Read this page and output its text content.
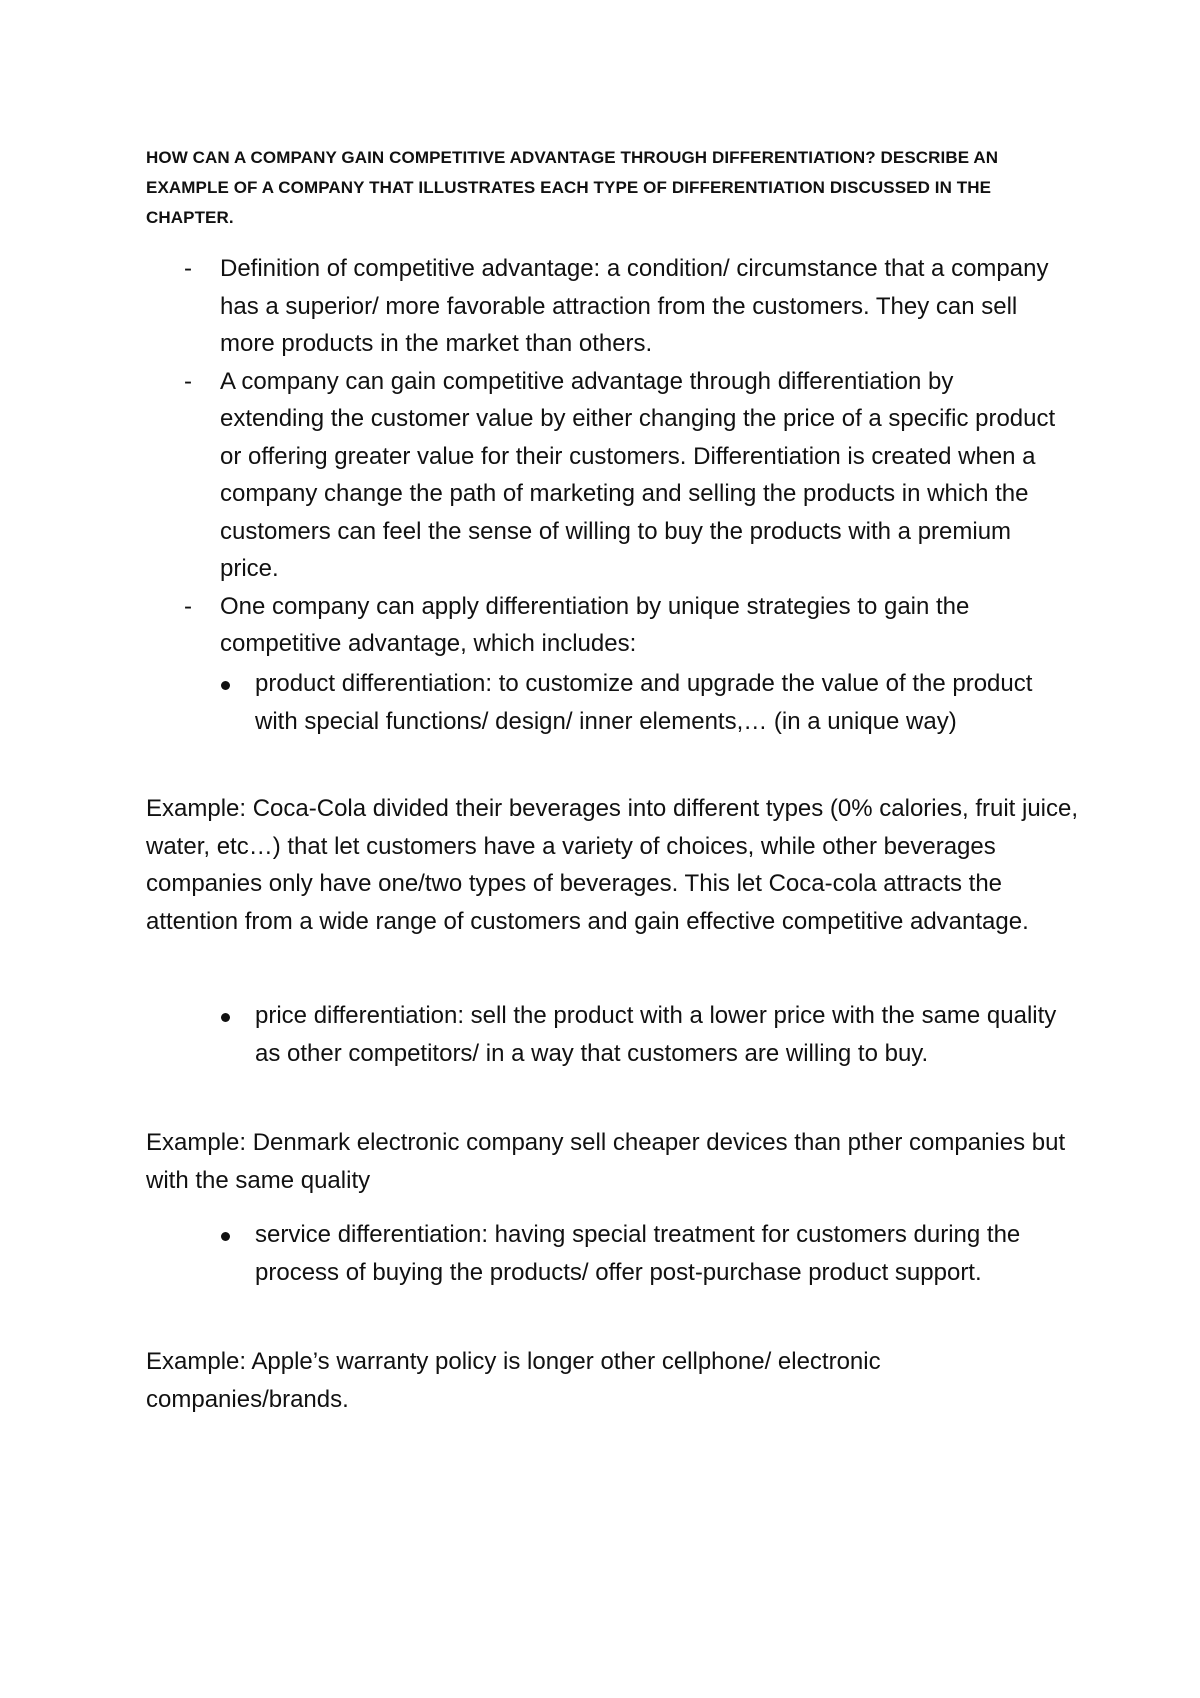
HOW CAN A COMPANY GAIN COMPETITIVE ADVANTAGE THROUGH DIFFERENTIATION? DESCRIBE AN EXAMPLE OF A COMPANY THAT ILLUSTRATES EACH TYPE OF DIFFERENTIATION DISCUSSED IN THE CHAPTER.
- Definition of competitive advantage: a condition/ circumstance that a company has a superior/ more favorable attraction from the customers. They can sell more products in the market than others.
- A company can gain competitive advantage through differentiation by extending the customer value by either changing the price of a specific product or offering greater value for their customers. Differentiation is created when a company change the path of marketing and selling the products in which the customers can feel the sense of willing to buy the products with a premium price.
- One company can apply differentiation by unique strategies to gain the competitive advantage, which includes:
product differentiation: to customize and upgrade the value of the product with special functions/ design/ inner elements,… (in a unique way)

Example: Coca-Cola divided their beverages into different types (0% calories, fruit juice, water, etc…) that let customers have a variety of choices, while other beverages companies only have one/two types of beverages. This let Coca-cola attracts the attention from a wide range of customers and gain effective competitive advantage.

price differentiation: sell the product with a lower price with the same quality as other competitors/ in a way that customers are willing to buy.

Example: Denmark electronic company sell cheaper devices than pther companies but with the same quality

service differentiation: having special treatment for customers during the process of buying the products/ offer post-purchase product support.

Example: Apple’s warranty policy is longer other cellphone/ electronic companies/brands.
